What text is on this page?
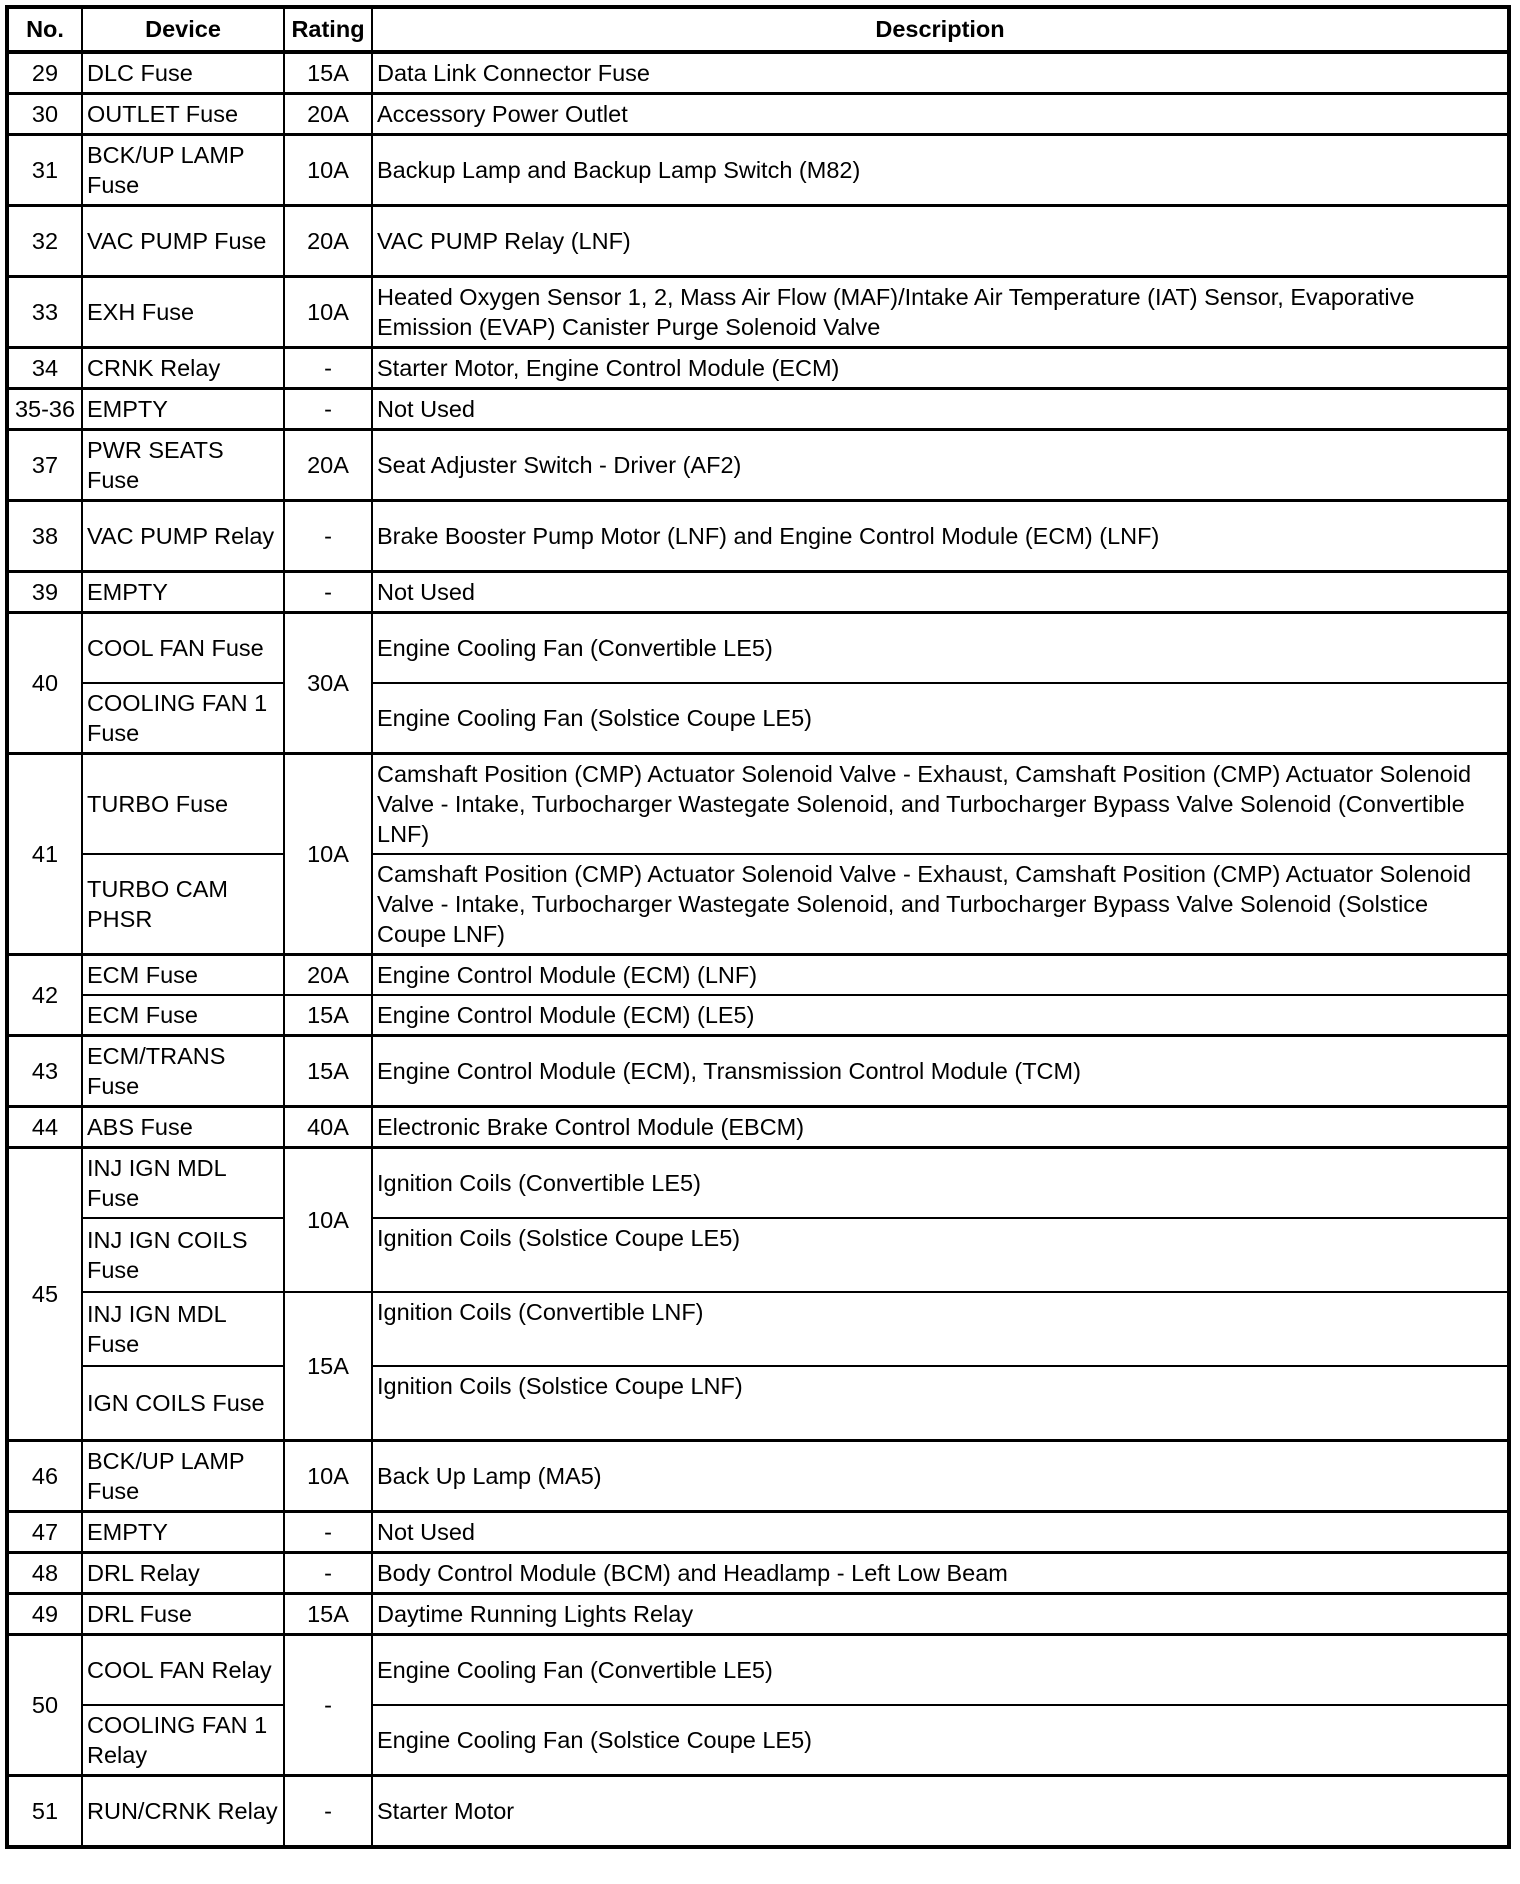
No.	Device	Rating	Description
29	DLC Fuse	15A	Data Link Connector Fuse
30	OUTLET Fuse	20A	Accessory Power Outlet
31	BCK/UP LAMP Fuse	10A	Backup Lamp and Backup Lamp Switch (M82)
32	VAC PUMP Fuse	20A	VAC PUMP Relay (LNF)
33	EXH Fuse	10A	Heated Oxygen Sensor 1, 2, Mass Air Flow (MAF)/Intake Air Temperature (IAT) Sensor, Evaporative Emission (EVAP) Canister Purge Solenoid Valve
34	CRNK Relay	-	Starter Motor, Engine Control Module (ECM)
35-36	EMPTY	-	Not Used
37	PWR SEATS Fuse	20A	Seat Adjuster Switch - Driver (AF2)
38	VAC PUMP Relay	-	Brake Booster Pump Motor (LNF) and Engine Control Module (ECM) (LNF)
39	EMPTY	-	Not Used
40	COOL FAN Fuse	30A	Engine Cooling Fan (Convertible LE5)
	COOLING FAN 1 Fuse		Engine Cooling Fan (Solstice Coupe LE5)
41	TURBO Fuse	10A	Camshaft Position (CMP) Actuator Solenoid Valve - Exhaust, Camshaft Position (CMP) Actuator Solenoid Valve - Intake, Turbocharger Wastegate Solenoid, and Turbocharger Bypass Valve Solenoid (Convertible LNF)
	TURBO CAM PHSR		Camshaft Position (CMP) Actuator Solenoid Valve - Exhaust, Camshaft Position (CMP) Actuator Solenoid Valve - Intake, Turbocharger Wastegate Solenoid, and Turbocharger Bypass Valve Solenoid (Solstice Coupe LNF)
42	ECM Fuse	20A	Engine Control Module (ECM) (LNF)
	ECM Fuse	15A	Engine Control Module (ECM) (LE5)
43	ECM/TRANS Fuse	15A	Engine Control Module (ECM), Transmission Control Module (TCM)
44	ABS Fuse	40A	Electronic Brake Control Module (EBCM)
45	INJ IGN MDL Fuse	10A	Ignition Coils (Convertible LE5)
	INJ IGN COILS Fuse		Ignition Coils (Solstice Coupe LE5)
	INJ IGN MDL Fuse	15A	Ignition Coils (Convertible LNF)
	IGN COILS Fuse		Ignition Coils (Solstice Coupe LNF)
46	BCK/UP LAMP Fuse	10A	Back Up Lamp (MA5)
47	EMPTY	-	Not Used
48	DRL Relay	-	Body Control Module (BCM) and Headlamp - Left Low Beam
49	DRL Fuse	15A	Daytime Running Lights Relay
50	COOL FAN Relay	-	Engine Cooling Fan (Convertible LE5)
	COOLING FAN 1 Relay		Engine Cooling Fan (Solstice Coupe LE5)
51	RUN/CRNK Relay	-	Starter Motor
